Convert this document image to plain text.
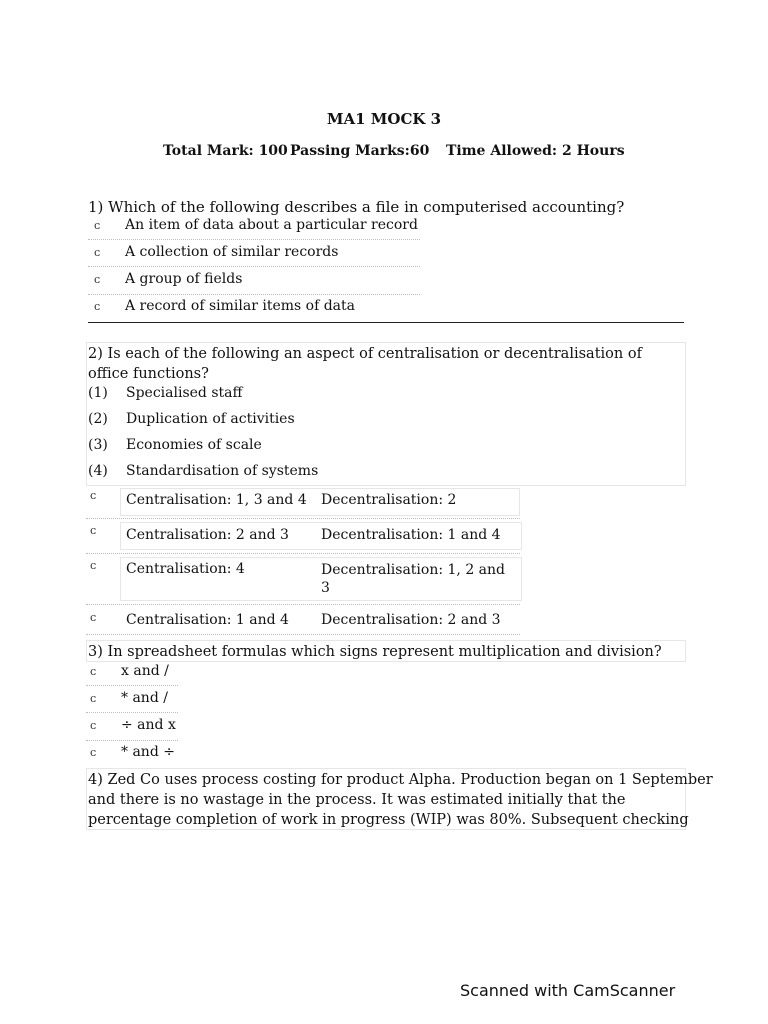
MA1 MOCK 3
Total Mark: 100 Passing Marks:60 Time Allowed: 2 Hours
1) Which of the following describes a file in computerised accounting?
ᴄ An item of data about a particular record
ᴄ A collection of similar records
ᴄ A group of fields
ᴄ A record of similar items of data
2) Is each of the following an aspect of centralisation or decentralisation of office functions?
(1) Specialised staff
(2) Duplication of activities
(3) Economies of scale
(4) Standardisation of systems
ᴄ Centralisation: 1, 3 and 4 Decentralisation: 2
ᴄ Centralisation: 2 and 3 Decentralisation: 1 and 4
ᴄ Centralisation: 4	Decentralisation: 1, 2 and 3
ᴄ Centralisation: 1 and 4 Decentralisation: 2 and 3
3) In spreadsheet formulas which signs represent multiplication and division?
ᴄ x and /
ᴄ * and /
ᴄ ÷ and x
ᴄ * and ÷
4) Zed Co uses process costing for product Alpha. Production began on 1 September
and there is no wastage in the process. It was estimated initially that the
percentage completion of work in progress (WIP) was 80%. Subsequent checking
Scanned with CamScanner
